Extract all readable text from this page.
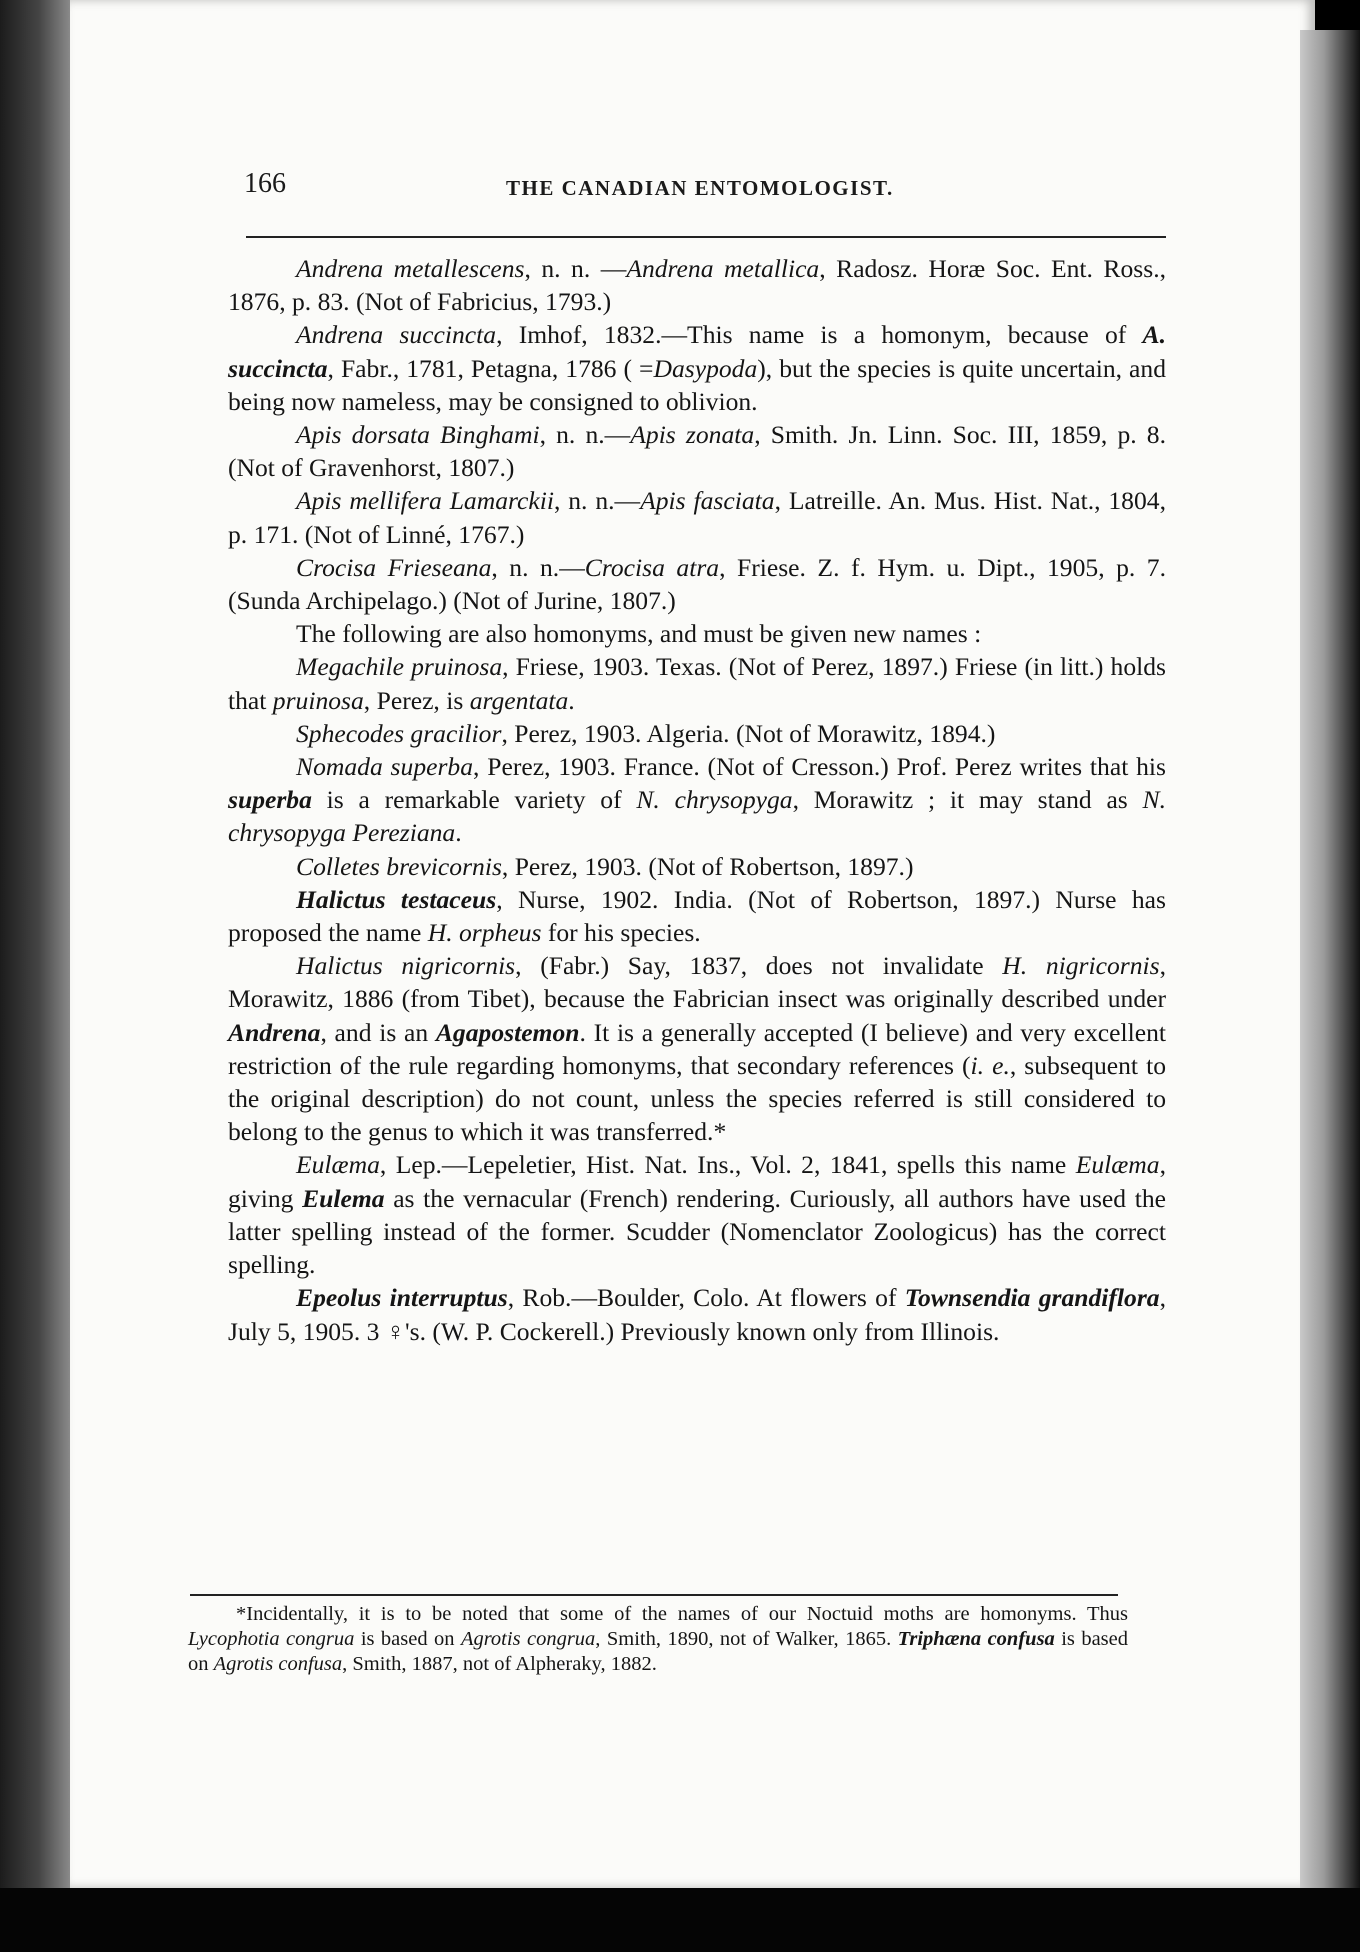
166	THE CANADIAN ENTOMOLOGIST.

Andrena metallescens, n. n. —Andrena metallica, Radosz. Horæ Soc. Ent. Ross., 1876, p. 83. (Not of Fabricius, 1793.)

Andrena succincta, Imhof, 1832.—This name is a homonym, because of A. succincta, Fabr., 1781, Petagna, 1786 ( =Dasypoda), but the species is quite uncertain, and being now nameless, may be consigned to oblivion.

Apis dorsata Binghami, n. n.—Apis zonata, Smith. Jn. Linn. Soc. III, 1859, p. 8. (Not of Gravenhorst, 1807.)

Apis mellifera Lamarckii, n. n.—Apis fasciata, Latreille. An. Mus. Hist. Nat., 1804, p. 171. (Not of Linné, 1767.)

Crocisa Frieseana, n. n.—Crocisa atra, Friese. Z. f. Hym. u. Dipt., 1905, p. 7. (Sunda Archipelago.) (Not of Jurine, 1807.)

The following are also homonyms, and must be given new names :

Megachile pruinosa, Friese, 1903. Texas. (Not of Perez, 1897.) Friese (in litt.) holds that pruinosa, Perez, is argentata.

Sphecodes gracilior, Perez, 1903. Algeria. (Not of Morawitz, 1894.)

Nomada superba, Perez, 1903. France. (Not of Cresson.) Prof. Perez writes that his superba is a remarkable variety of N. chrysopyga, Morawitz ; it may stand as N. chrysopyga Pereziana.

Colletes brevicornis, Perez, 1903. (Not of Robertson, 1897.)

Halictus testaceus, Nurse, 1902. India. (Not of Robertson, 1897.) Nurse has proposed the name H. orpheus for his species.

Halictus nigricornis, (Fabr.) Say, 1837, does not invalidate H. nigricornis, Morawitz, 1886 (from Tibet), because the Fabrician insect was originally described under Andrena, and is an Agapostemon. It is a generally accepted (I believe) and very excellent restriction of the rule regarding homonyms, that secondary references (i. e., subsequent to the original description) do not count, unless the species referred is still considered to belong to the genus to which it was transferred.*

Eulæma, Lep.—Lepeletier, Hist. Nat. Ins., Vol. 2, 1841, spells this name Eulæma, giving Eulema as the vernacular (French) rendering. Curiously, all authors have used the latter spelling instead of the former. Scudder (Nomenclator Zoologicus) has the correct spelling.

Epeolus interruptus, Rob.—Boulder, Colo. At flowers of Townsendia grandiflora, July 5, 1905. 3 ♀'s. (W. P. Cockerell.) Previously known only from Illinois.

*Incidentally, it is to be noted that some of the names of our Noctuid moths are homonyms. Thus Lycophotia congrua is based on Agrotis congrua, Smith, 1890, not of Walker, 1865. Triphæna confusa is based on Agrotis confusa, Smith, 1887, not of Alpheraky, 1882.
